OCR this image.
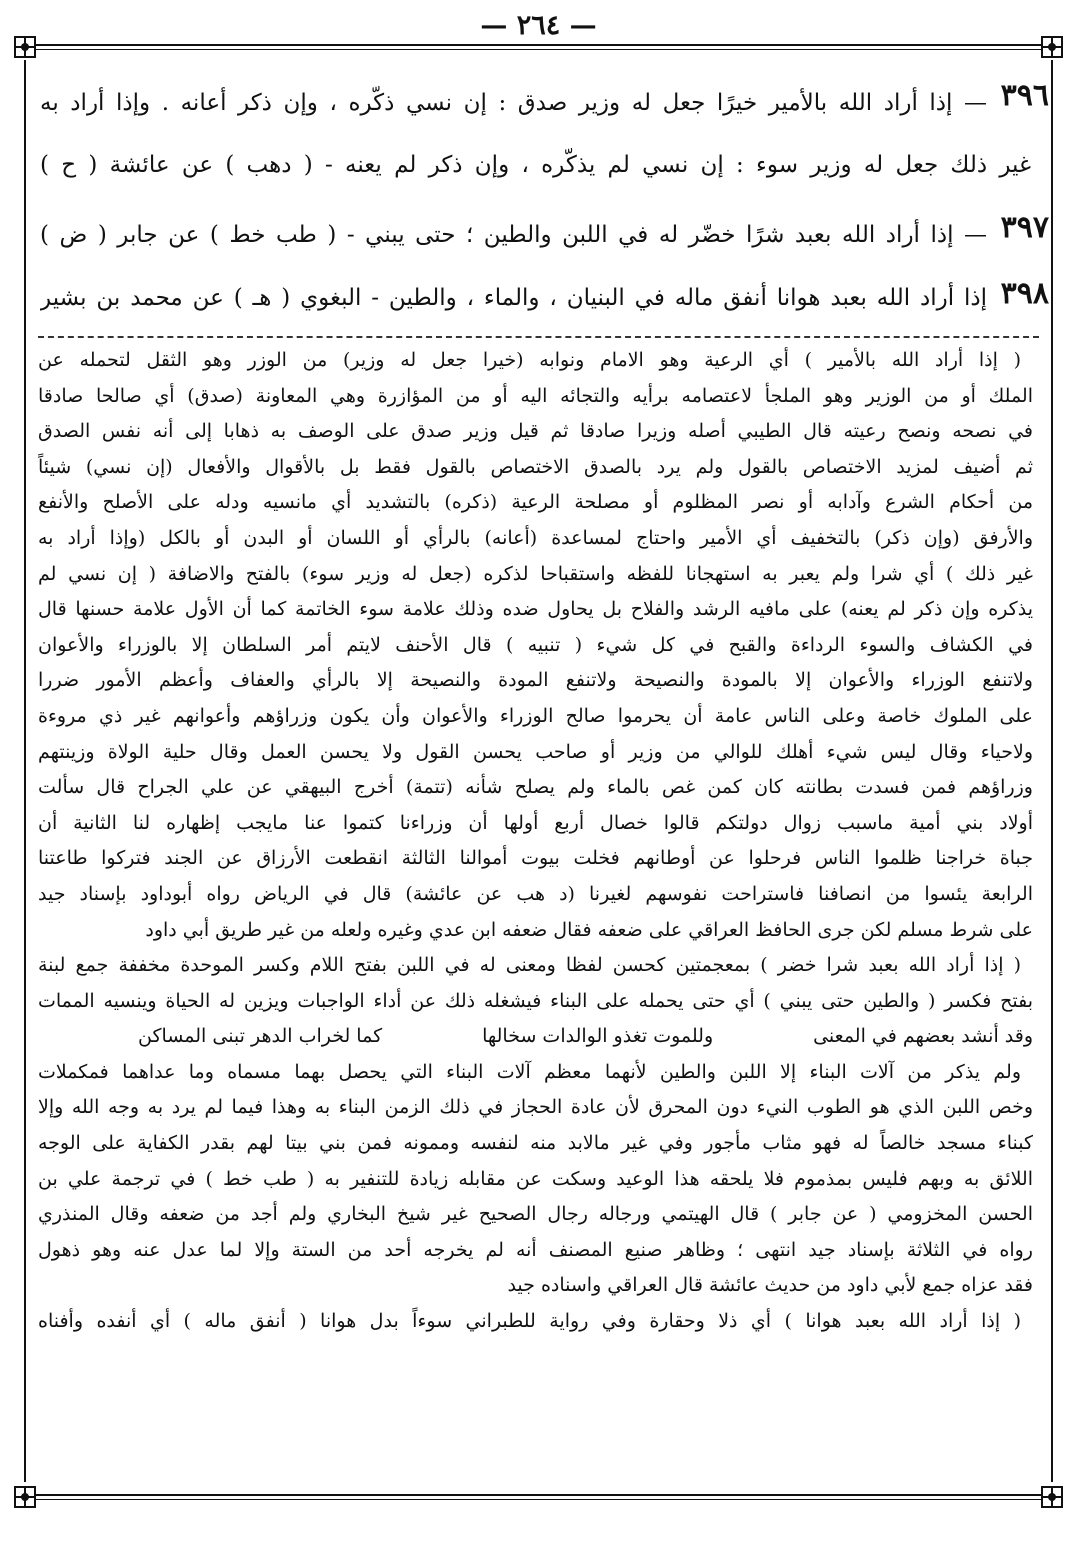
— ٢٦٤ —
٣٩٦
٣٩٧
٣٩٨
— إذا أراد الله بالأمير خيرًا جعل له وزير صدق : إن نسي ذكّره ، وإن ذكر أعانه . وإذا أراد به
غير ذلك جعل له وزير سوء : إن نسي لم يذكّره ، وإن ذكر لم يعنه - ( دهب ) عن عائشة ( ح )
— إذا أراد الله بعبد شرًا خضّر له في اللبن والطين ؛ حتى يبني - ( طب خط ) عن جابر ( ض )
إذا أراد الله بعبد هوانا أنفق ماله في البنيان ، والماء ، والطين - البغوي ( هـ ) عن محمد بن بشير
( إذا أراد الله بالأمير ) أي الرعية وهو الامام ونوابه (خيرا جعل له وزير) من الوزر وهو الثقل لتحمله عن
الملك أو من الوزير وهو الملجأ لاعتصامه برأيه والتجائه اليه أو من المؤازرة وهي المعاونة (صدق) أي صالحا صادقا
في نصحه ونصح رعيته قال الطيبي أصله وزيرا صادقا ثم قيل وزير صدق على الوصف به ذهابا إلى أنه نفس الصدق
ثم أضيف لمزيد الاختصاص بالقول ولم يرد بالصدق الاختصاص بالقول فقط بل بالأقوال والأفعال (إن نسي) شيئاً
من أحكام الشرع وآدابه أو نصر المظلوم أو مصلحة الرعية (ذكره) بالتشديد أي مانسيه ودله على الأصلح والأنفع
والأرفق (وإن ذكر) بالتخفيف أي الأمير واحتاج لمساعدة (أعانه) بالرأي أو اللسان أو البدن أو بالكل (وإذا أراد به
غير ذلك ) أي شرا ولم يعبر به استهجانا للفظه واستقباحا لذكره (جعل له وزير سوء) بالفتح والاضافة ( إن نسي لم
يذكره وإن ذكر لم يعنه) على مافيه الرشد والفلاح بل يحاول ضده وذلك علامة سوء الخاتمة كما أن الأول علامة حسنها قال
في الكشاف والسوء الرداءة والقبح في كل شيء ( تنبيه ) قال الأحنف لايتم أمر السلطان إلا بالوزراء والأعوان
ولاتنفع الوزراء والأعوان إلا بالمودة والنصيحة ولاتنفع المودة والنصيحة إلا بالرأي والعفاف وأعظم الأمور ضررا
على الملوك خاصة وعلى الناس عامة أن يحرموا صالح الوزراء والأعوان وأن يكون وزراؤهم وأعوانهم غير ذي مروءة
ولاحياء وقال ليس شيء أهلك للوالي من وزير أو صاحب يحسن القول ولا يحسن العمل وقال حلية الولاة وزينتهم
وزراؤهم فمن فسدت بطانته كان كمن غص بالماء ولم يصلح شأنه (تتمة) أخرج البيهقي عن علي الجراح قال سألت
أولاد بني أمية ماسبب زوال دولتكم قالوا خصال أربع أولها أن وزراءنا كتموا عنا مايجب إظهاره لنا الثانية أن
جباة خراجنا ظلموا الناس فرحلوا عن أوطانهم فخلت بيوت أموالنا الثالثة انقطعت الأرزاق عن الجند فتركوا طاعتنا
الرابعة يئسوا من انصافنا فاستراحت نفوسهم لغيرنا (د هب عن عائشة) قال في الرياض رواه أبوداود بإسناد جيد
على شرط مسلم لكن جرى الحافظ العراقي على ضعفه فقال ضعفه ابن عدي وغيره ولعله من غير طريق أبي داود
( إذا أراد الله بعبد شرا خضر ) بمعجمتين كحسن لفظا ومعنى له في اللبن بفتح اللام وكسر الموحدة مخففة جمع لبنة
بفتح فكسر ( والطين حتى يبني ) أي حتى يحمله على البناء فيشغله ذلك عن أداء الواجبات ويزين له الحياة وينسيه الممات
وقد أنشد بعضهم في المعنى
وللموت تغذو الوالدات سخالها
كما لخراب الدهر تبنى المساكن
ولم يذكر من آلات البناء إلا اللبن والطين لأنهما معظم آلات البناء التي يحصل بهما مسماه وما عداهما فمكملات
وخص اللبن الذي هو الطوب النيء دون المحرق لأن عادة الحجاز في ذلك الزمن البناء به وهذا فيما لم يرد به وجه الله وإلا
كبناء مسجد خالصاً له فهو مثاب مأجور وفي غير مالابد منه لنفسه وممونه فمن بني بيتا لهم بقدر الكفاية على الوجه
اللائق به وبهم فليس بمذموم فلا يلحقه هذا الوعيد وسكت عن مقابله زيادة للتنفير به ( طب خط ) في ترجمة علي بن
الحسن المخزومي ( عن جابر ) قال الهيتمي ورجاله رجال الصحيح غير شيخ البخاري ولم أجد من ضعفه وقال المنذري
رواه في الثلاثة بإسناد جيد انتهى ؛ وظاهر صنيع المصنف أنه لم يخرجه أحد من الستة وإلا لما عدل عنه وهو ذهول
فقد عزاه جمع لأبي داود من حديث عائشة قال العراقي واسناده جيد
( إذا أراد الله بعبد هوانا ) أي ذلا وحقارة وفي رواية للطبراني سوءاً بدل هوانا ( أنفق ماله ) أي أنفده وأفناه
